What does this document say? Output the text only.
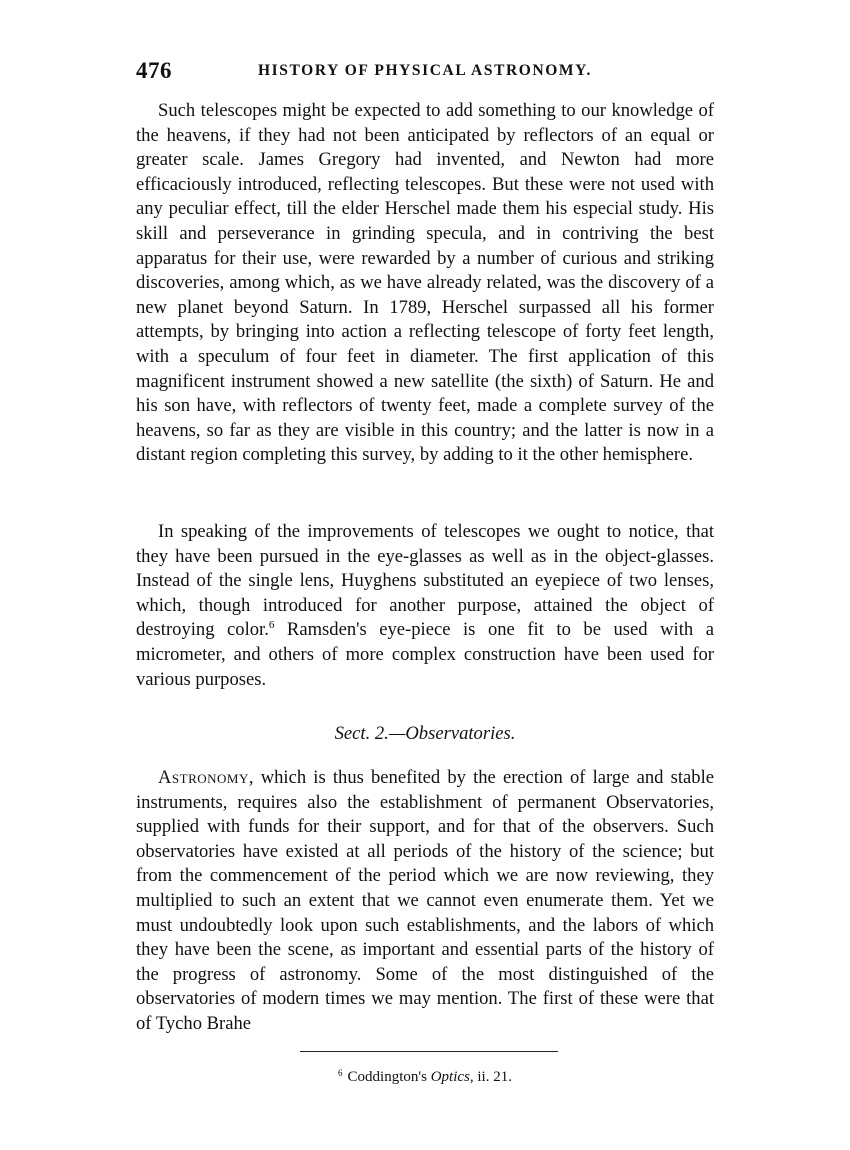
476	HISTORY OF PHYSICAL ASTRONOMY.

Such telescopes might be expected to add something to our knowledge of the heavens, if they had not been anticipated by reflectors of an equal or greater scale. James Gregory had invented, and Newton had more efficaciously introduced, reflecting telescopes. But these were not used with any peculiar effect, till the elder Herschel made them his especial study. His skill and perseverance in grinding specula, and in contriving the best apparatus for their use, were rewarded by a number of curious and striking discoveries, among which, as we have already related, was the discovery of a new planet beyond Saturn. In 1789, Herschel surpassed all his former attempts, by bringing into action a reflecting telescope of forty feet length, with a speculum of four feet in diameter. The first application of this magnificent instrument showed a new satellite (the sixth) of Saturn. He and his son have, with reflectors of twenty feet, made a complete survey of the heavens, so far as they are visible in this country; and the latter is now in a distant region completing this survey, by adding to it the other hemisphere.

In speaking of the improvements of telescopes we ought to notice, that they have been pursued in the eye-glasses as well as in the object-glasses. Instead of the single lens, Huyghens substituted an eyepiece of two lenses, which, though introduced for another purpose, attained the object of destroying color.$^6$ Ramsden's eye-piece is one fit to be used with a micrometer, and others of more complex construction have been used for various purposes.

Sect. 2.—Observatories.

Astronomy, which is thus benefited by the erection of large and stable instruments, requires also the establishment of permanent Observatories, supplied with funds for their support, and for that of the observers. Such observatories have existed at all periods of the history of the science; but from the commencement of the period which we are now reviewing, they multiplied to such an extent that we cannot even enumerate them. Yet we must undoubtedly look upon such establishments, and the labors of which they have been the scene, as important and essential parts of the history of the progress of astronomy. Some of the most distinguished of the observatories of modern times we may mention. The first of these were that of Tycho Brahe

$^6$ Coddington's Optics, ii. 21.
